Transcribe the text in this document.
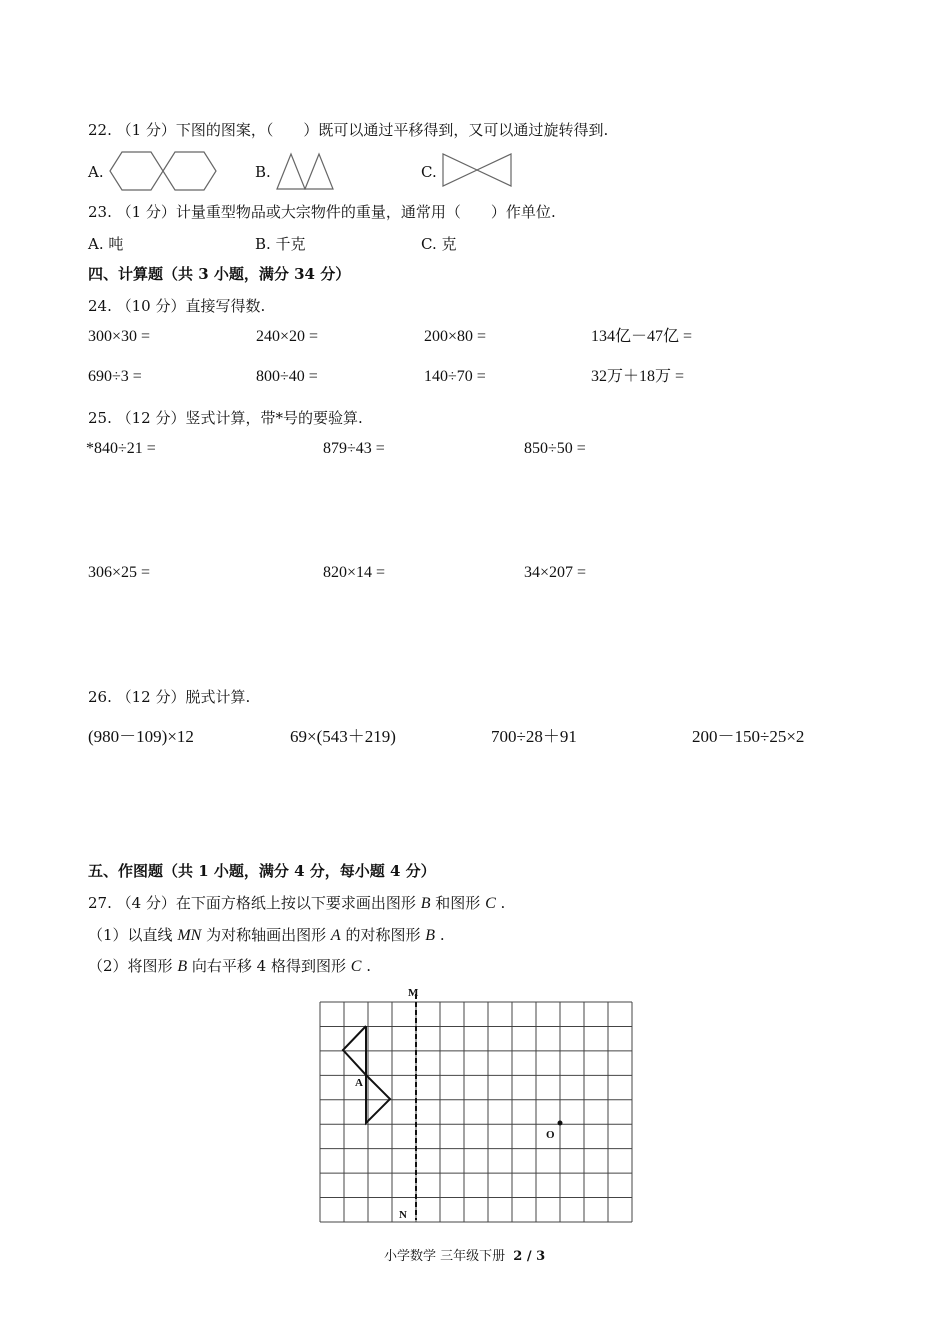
22. （1 分）下图的图案，（　　）既可以通过平移得到，又可以通过旋转得到.
A.	B.	C.
23. （1 分）计量重型物品或大宗物件的重量，通常用（　　）作单位.
A. 吨	B. 千克	C. 克
四、计算题（共 3 小题，满分 34 分）
24. （10 分）直接写得数.
300×30 =	240×20 =	200×80 =	134亿－47亿 =
690÷3 =	800÷40 =	140÷70 =	32万＋18万 =
25. （12 分）竖式计算，带*号的要验算.
*840÷21 =	879÷43 =	850÷50 =
306×25 =	820×14 =	34×207 =
26. （12 分）脱式计算.
(980－109)×12	69×(543＋219)	700÷28＋91	200－150÷25×2
五、作图题（共 1 小题，满分 4 分，每小题 4 分）
27. （4 分）在下面方格纸上按以下要求画出图形 B 和图形 C .
（1）以直线 MN 为对称轴画出图形 A 的对称图形 B .
（2）将图形 B 向右平移 4 格得到图形 C .
M
N
A
O
小学数学 三年级下册 2 / 3
